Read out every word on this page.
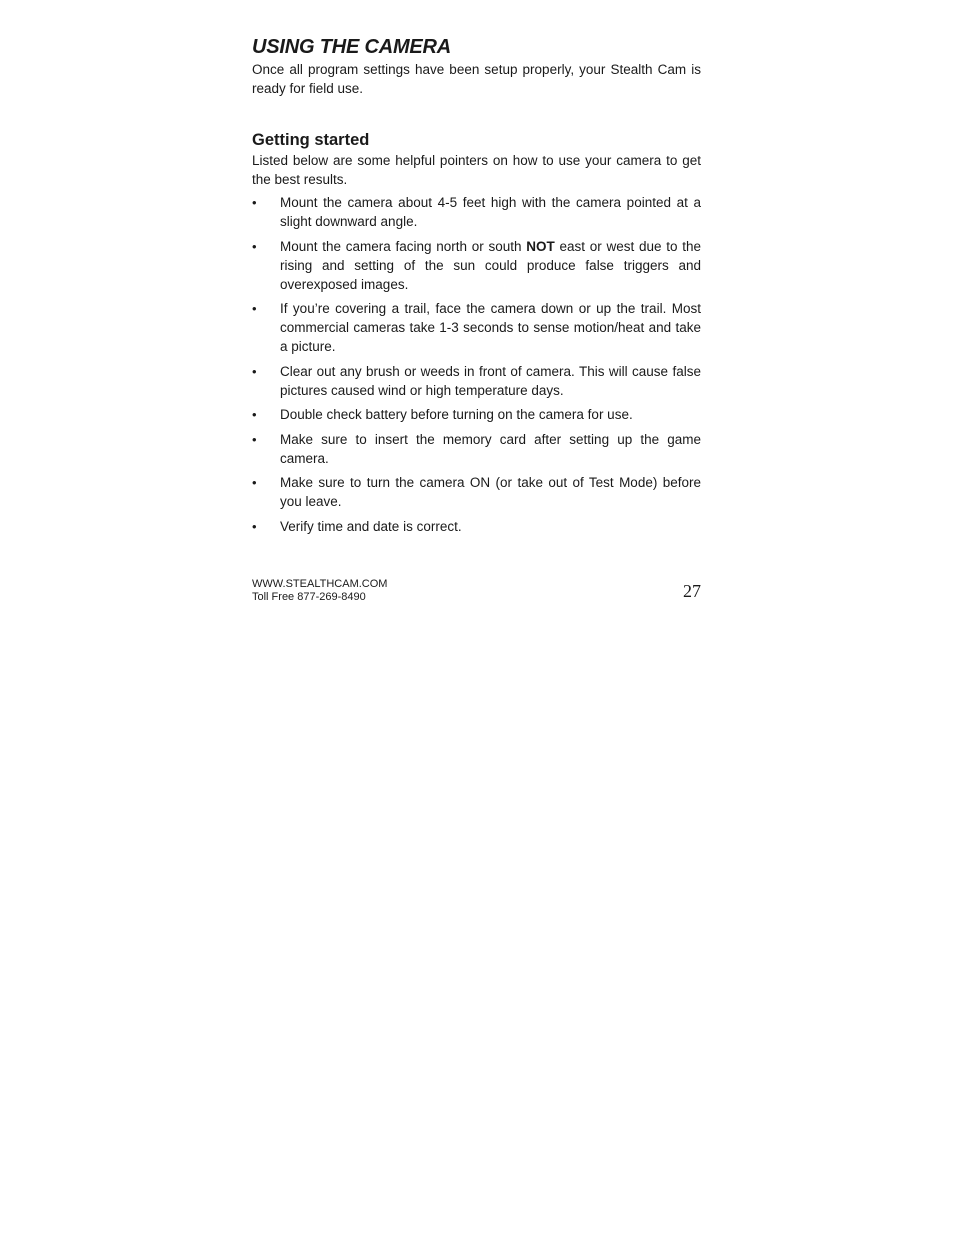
USING THE CAMERA

Once all program settings have been setup properly, your Stealth Cam is ready for field use.

Getting started

Listed below are some helpful pointers on how to use your camera to get the best results.

• Mount the camera about 4-5 feet high with the camera pointed at a slight downward angle.
• Mount the camera facing north or south NOT east or west due to the rising and setting of the sun could produce false triggers and overexposed images.
• If you’re covering a trail, face the camera down or up the trail. Most commercial cameras take 1-3 seconds to sense motion/heat and take a picture.
• Clear out any brush or weeds in front of camera. This will cause false pictures caused wind or high temperature days.
• Double check battery before turning on the camera for use.
• Make sure to insert the memory card after setting up the game camera.
• Make sure to turn the camera ON (or take out of Test Mode) before you leave.
• Verify time and date is correct.
WWW.STEALTHCAM.COM
Toll Free 877-269-8490	27
